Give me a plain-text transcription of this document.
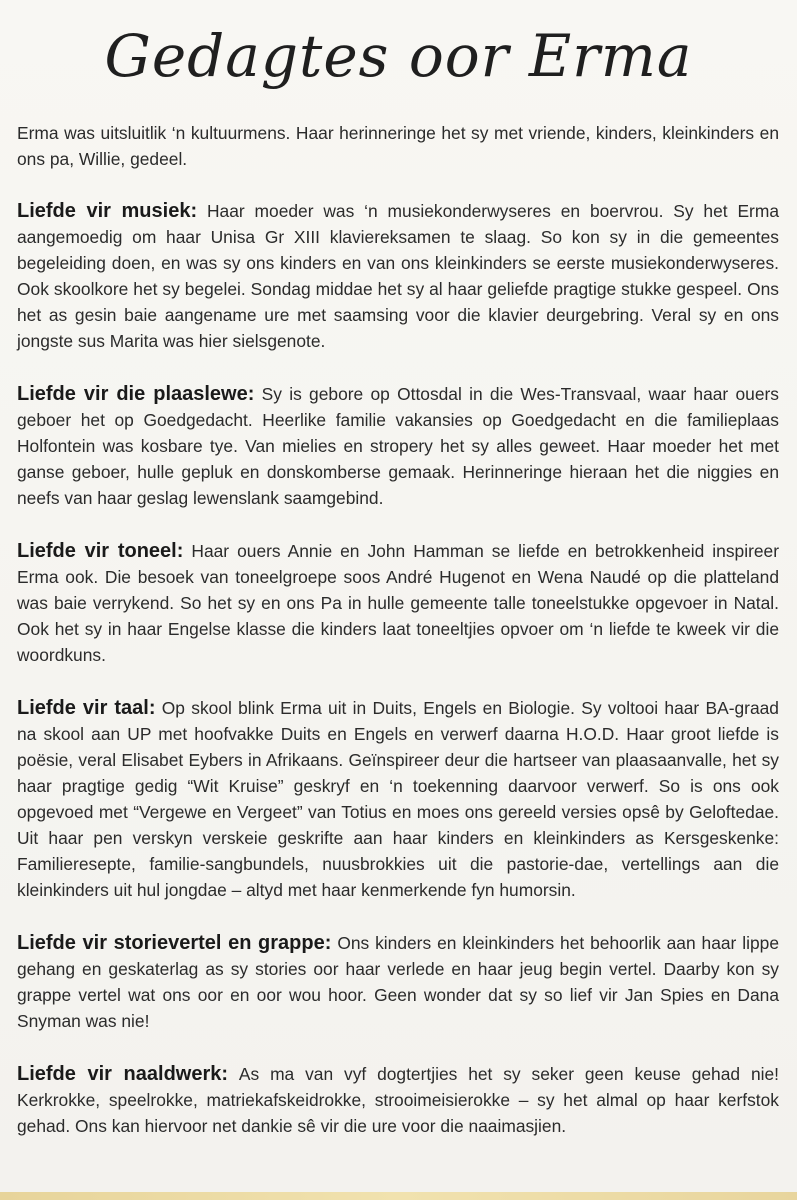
Gedagtes oor Erma

Erma was uitsluitlik ‘n kultuurmens. Haar herinneringe het sy met vriende, kinders, kleinkinders en ons pa, Willie, gedeel.

Liefde vir musiek: Haar moeder was ‘n musiekonderwyseres en boervrou. Sy het Erma aangemoedig om haar Unisa Gr XIII klaviereksamen te slaag. So kon sy in die gemeentes begeleiding doen, en was sy ons kinders en van ons kleinkinders se eerste musiekonderwyseres. Ook skoolkore het sy begelei. Sondag middae het sy al haar geliefde pragtige stukke gespeel. Ons het as gesin baie aangename ure met saamsing voor die klavier deurgebring. Veral sy en ons jongste sus Marita was hier sielsgenote.

Liefde vir die plaaslewe: Sy is gebore op Ottosdal in die Wes-Transvaal, waar haar ouers geboer het op Goedgedacht. Heerlike familie vakansies op Goedgedacht en die familieplaas Holfontein was kosbare tye. Van mielies en stropery het sy alles geweet. Haar moeder het met ganse geboer, hulle gepluk en donskomberse gemaak. Herinneringe hieraan het die niggies en neefs van haar geslag lewenslank saamgebind.

Liefde vir toneel: Haar ouers Annie en John Hamman se liefde en betrokkenheid inspireer Erma ook. Die besoek van toneelgroepe soos André Hugenot en Wena Naudé op die platteland was baie verrykend. So het sy en ons Pa in hulle gemeente talle toneelstukke opgevoer in Natal. Ook het sy in haar Engelse klasse die kinders laat toneeltjies opvoer om ‘n liefde te kweek vir die woordkuns.

Liefde vir taal: Op skool blink Erma uit in Duits, Engels en Biologie. Sy voltooi haar BA-graad na skool aan UP met hoofvakke Duits en Engels en verwerf daarna H.O.D. Haar groot liefde is poësie, veral Elisabet Eybers in Afrikaans. Geïnspireer deur die hartseer van plaasaanvalle, het sy haar pragtige gedig “Wit Kruise” geskryf en ‘n toekenning daarvoor verwerf. So is ons ook opgevoed met “Vergewe en Vergeet” van Totius en moes ons gereeld versies opsê by Geloftedae. Uit haar pen verskyn verskeie geskrifte aan haar kinders en kleinkinders as Kersgeskenke: Familieresepte, familie-sangbundels, nuusbrokkies uit die pastorie-dae, vertellings aan die kleinkinders uit hul jongdae – altyd met haar kenmerkende fyn humorsin.

Liefde vir storievertel en grappe: Ons kinders en kleinkinders het behoorlik aan haar lippe gehang en geskaterlag as sy stories oor haar verlede en haar jeug begin vertel. Daarby kon sy grappe vertel wat ons oor en oor wou hoor. Geen wonder dat sy so lief vir Jan Spies en Dana Snyman was nie!

Liefde vir naaldwerk: As ma van vyf dogtertjies het sy seker geen keuse gehad nie! Kerkrokke, speelrokke, matriekafskeidrokke, strooimeisierokke – sy het almal op haar kerfstok gehad. Ons kan hiervoor net dankie sê vir die ure voor die naaimasjien.
